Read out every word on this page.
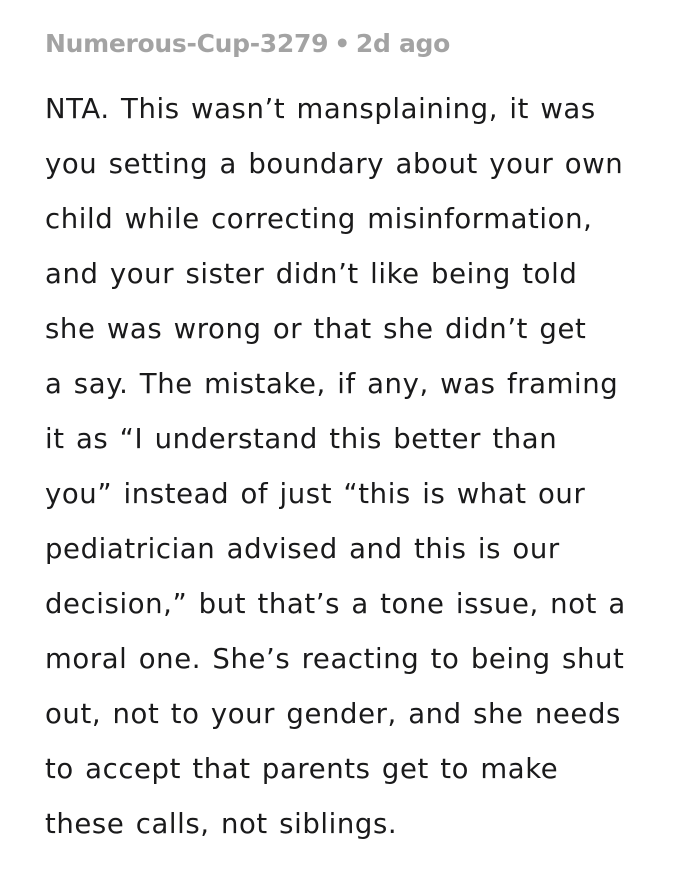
Numerous-Cup-3279 • 2d ago
NTA. This wasn’t mansplaining, it was
you setting a boundary about your own
child while correcting misinformation,
and your sister didn’t like being told
she was wrong or that she didn’t get
a say. The mistake, if any, was framing
it as “I understand this better than
you” instead of just “this is what our
pediatrician advised and this is our
decision,” but that’s a tone issue, not a
moral one. She’s reacting to being shut
out, not to your gender, and she needs
to accept that parents get to make
these calls, not siblings.
